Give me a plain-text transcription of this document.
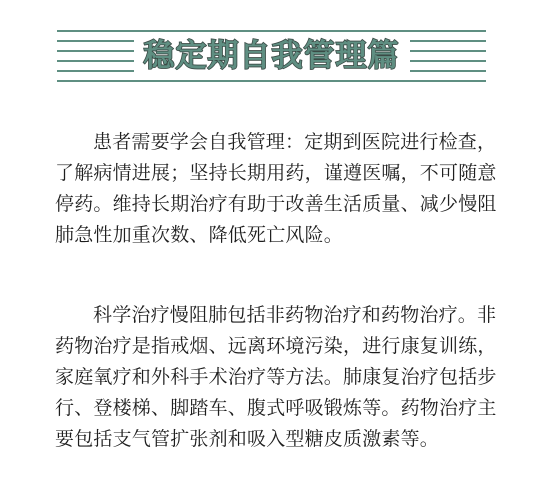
稳定期自我管理篇

患者需要学会自我管理：定期到医院进行检查，了解病情进展；坚持长期用药，谨遵医嘱，不可随意停药。维持长期治疗有助于改善生活质量、减少慢阻肺急性加重次数、降低死亡风险。

科学治疗慢阻肺包括非药物治疗和药物治疗。非药物治疗是指戒烟、远离环境污染，进行康复训练，家庭氧疗和外科手术治疗等方法。肺康复治疗包括步行、登楼梯、脚踏车、腹式呼吸锻炼等。药物治疗主要包括支气管扩张剂和吸入型糖皮质激素等。
